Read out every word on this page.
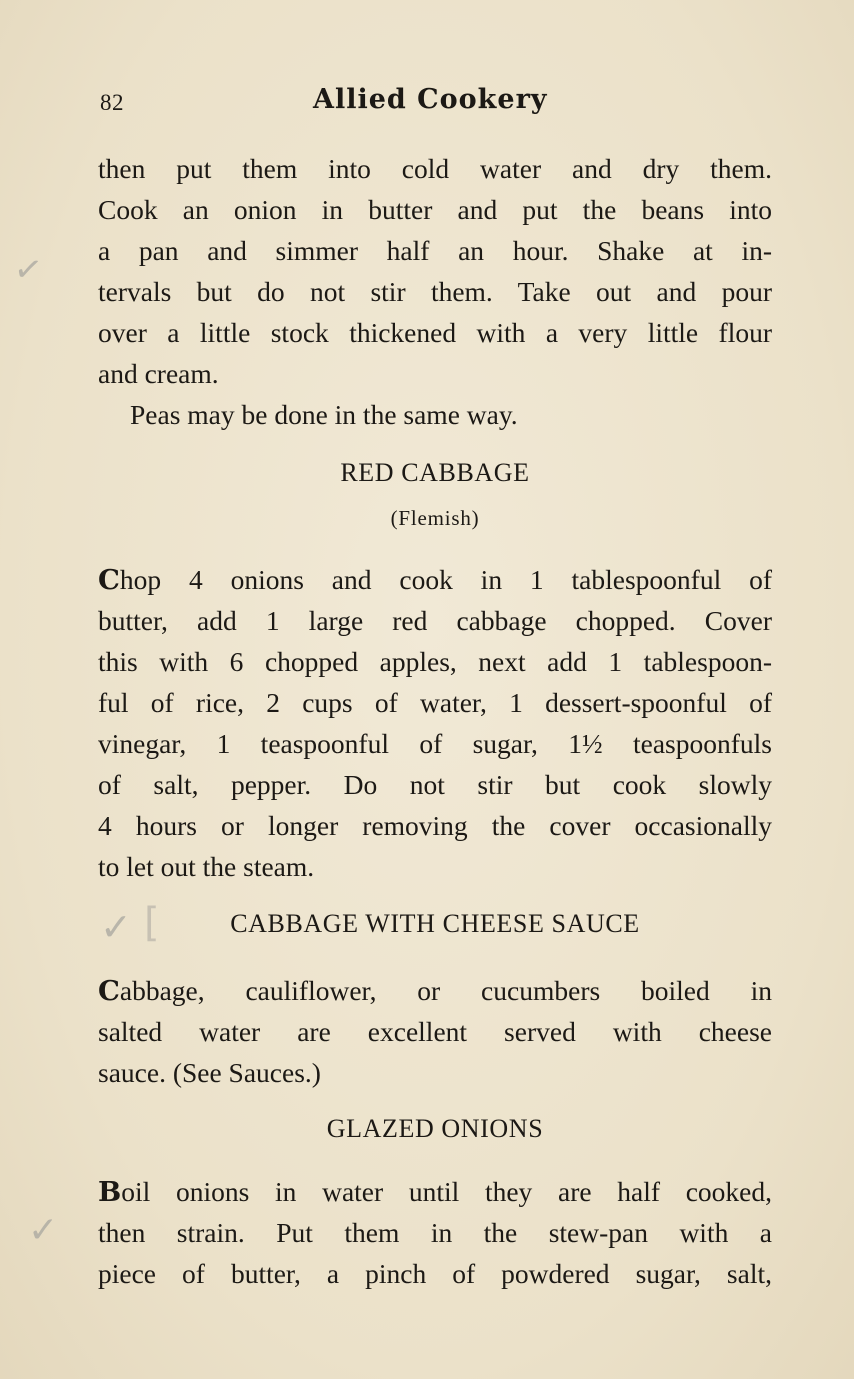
✓
✓ [
✓
82	Allied Cookery
then put them into cold water and dry them.
Cook an onion in butter and put the beans into
a pan and simmer half an hour. Shake at in-
tervals but do not stir them. Take out and pour
over a little stock thickened with a very little flour
and cream.
Peas may be done in the same way.
RED CABBAGE
(Flemish)
Chop 4 onions and cook in 1 tablespoonful of
butter, add 1 large red cabbage chopped. Cover
this with 6 chopped apples, next add 1 tablespoon-
ful of rice, 2 cups of water, 1 dessert-spoonful of
vinegar, 1 teaspoonful of sugar, 1½ teaspoonfuls
of salt, pepper. Do not stir but cook slowly
4 hours or longer removing the cover occasionally
to let out the steam.
CABBAGE WITH CHEESE SAUCE
Cabbage, cauliflower, or cucumbers boiled in
salted water are excellent served with cheese
sauce. (See Sauces.)
GLAZED ONIONS
Boil onions in water until they are half cooked,
then strain. Put them in the stew-pan with a
piece of butter, a pinch of powdered sugar, salt,
